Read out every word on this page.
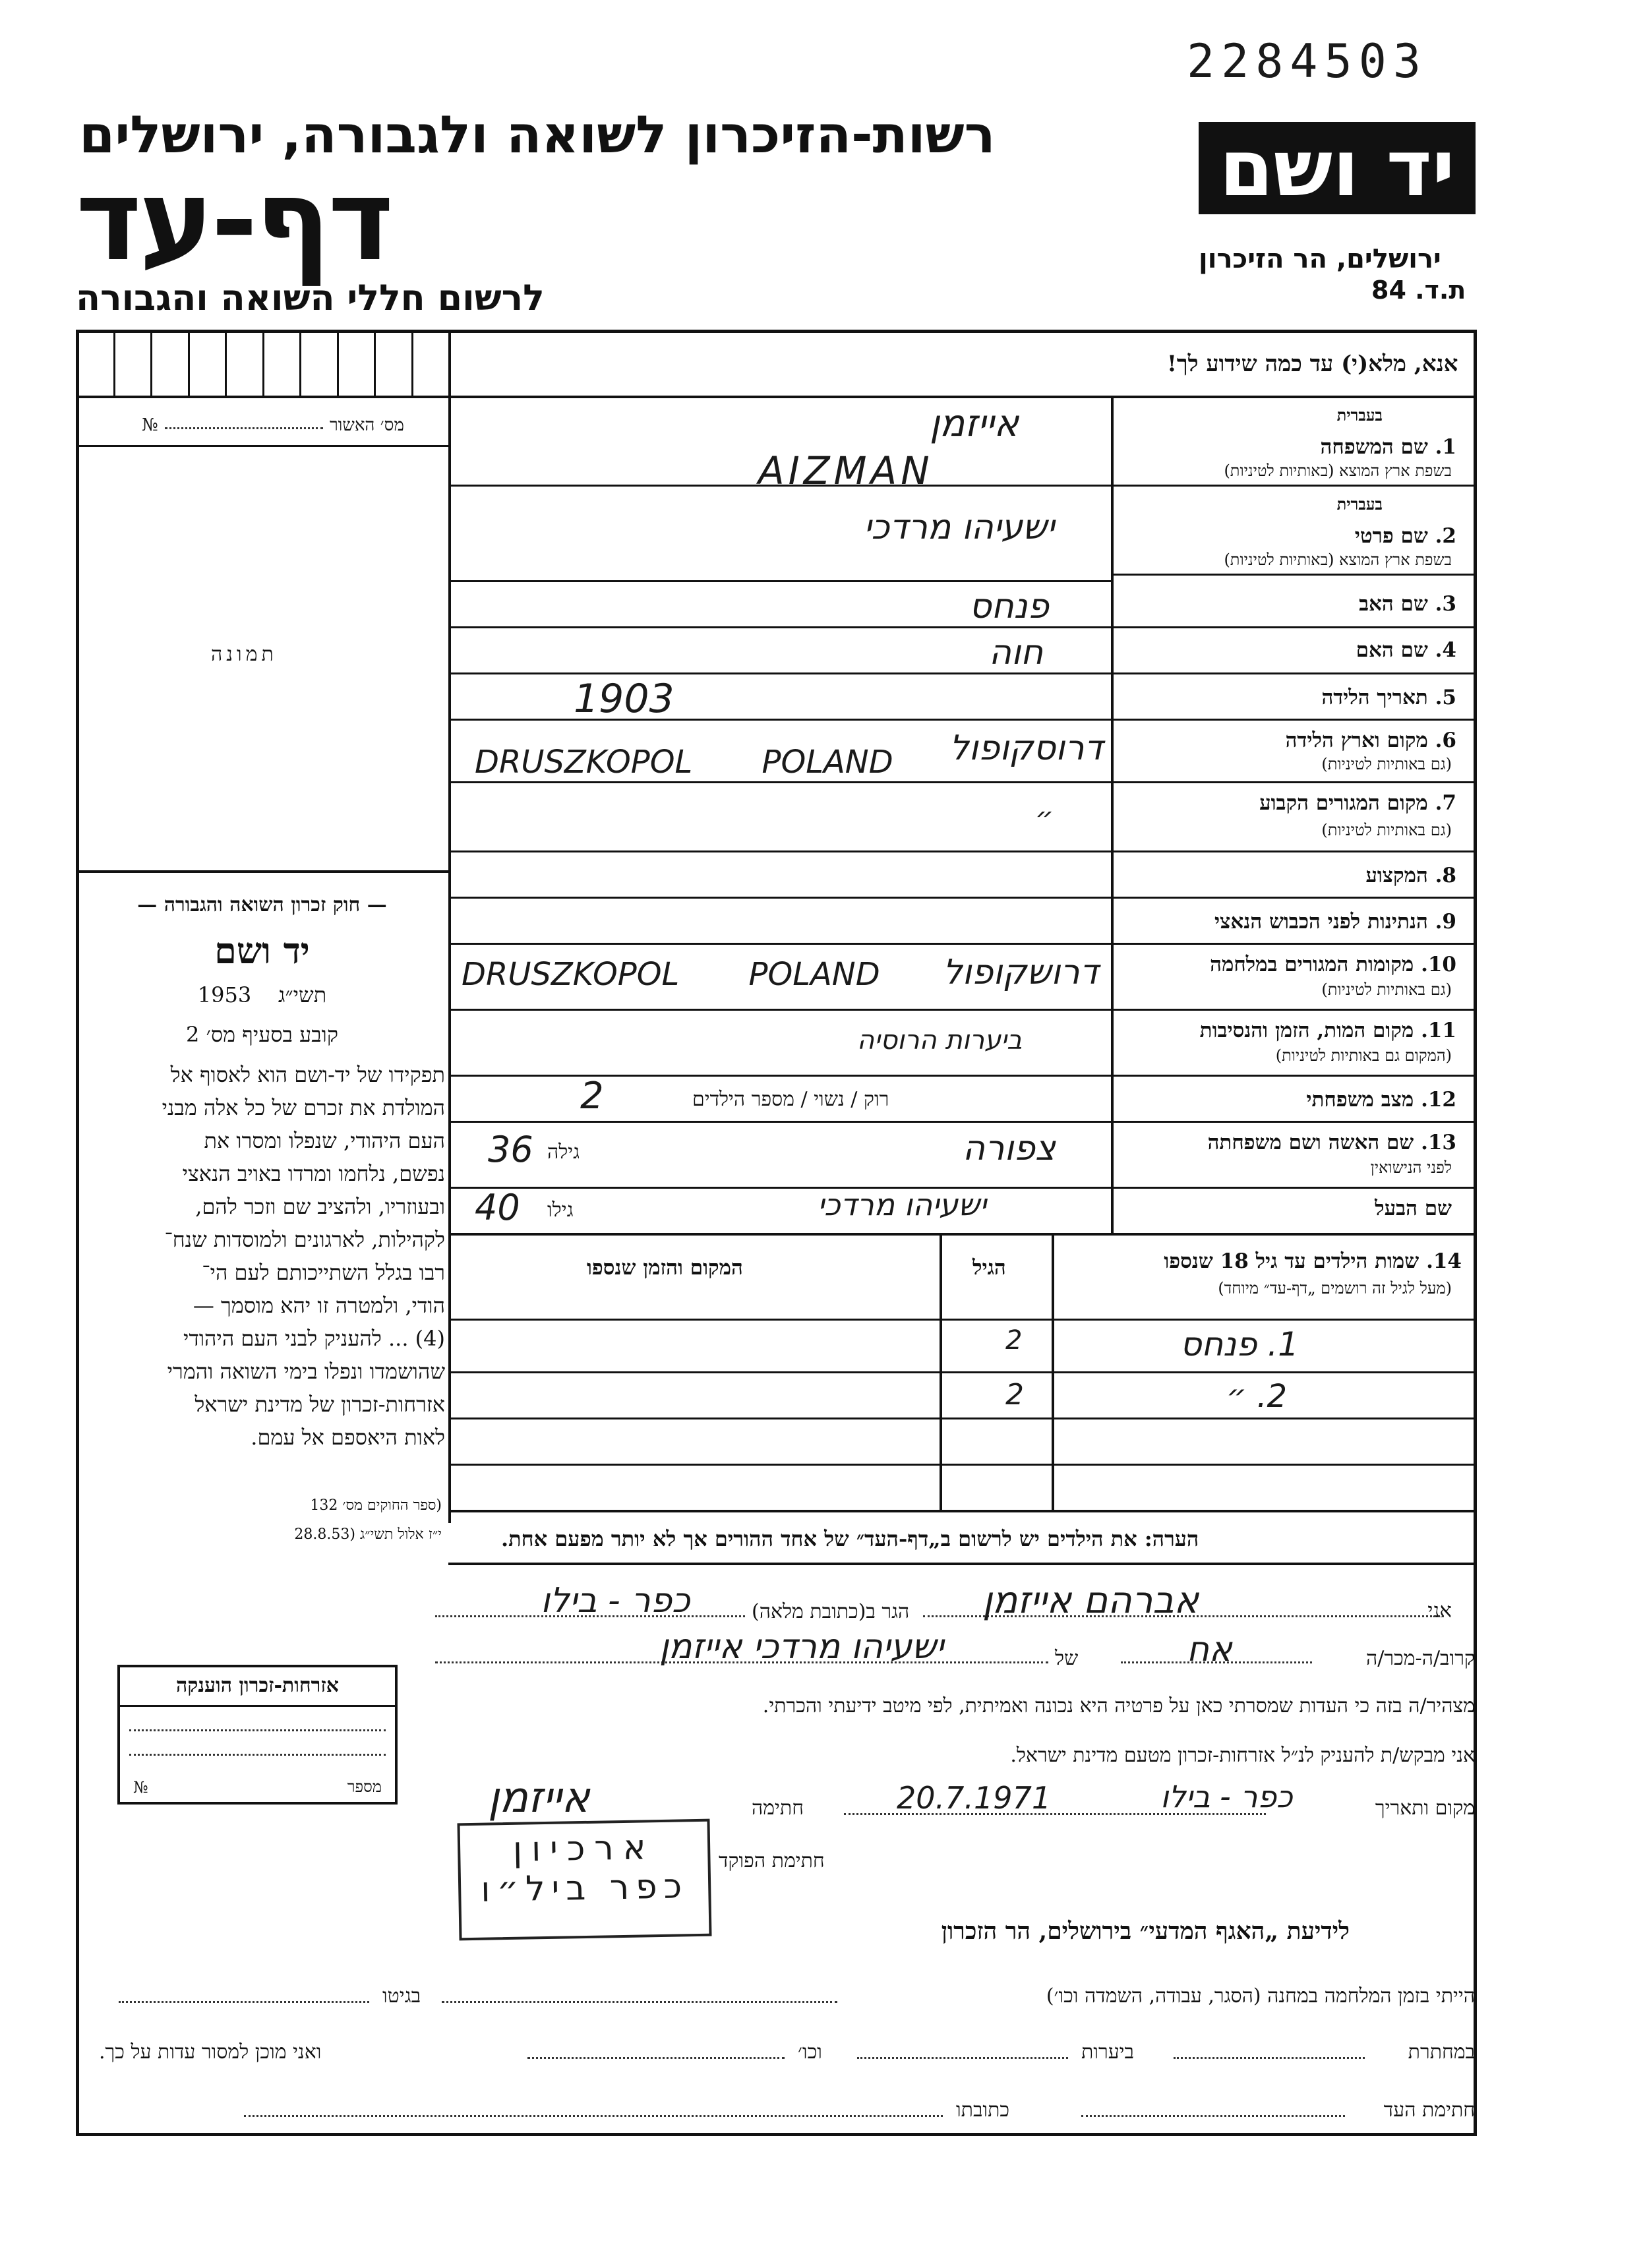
2284503
רשות-הזיכרון לשואה ולגבורה, ירושלים
דף-עד
לרשום חללי השואה והגבורה
יד ושם
ירושלים, הר הזיכרון
ת.ד. 84
אנא, מלא(י) עד כמה שידוע לך!
מס׳ האשור
№
תמונה
— חוק זכרון השואה והגבורה —
יד ושם
תשי״ג    1953
קובע בסעיף מס׳ 2
תפקידו של יד-ושם הוא לאסוף אל
המולדת את זכרם של כל אלה מבני
העם היהודי, שנפלו ומסרו את
נפשם, נלחמו ומרדו באויב הנאצי
ובעוזריו, ולהציב שם וזכר להם,
לקהילות, לארגונים ולמוסדות שנח־
רבו בגלל השתייכותם לעם הי־
הודי, ולמטרה זו יהא מוסמך —
(4) ... להעניק לבני העם היהודי
שהושמדו ונפלו בימי השואה והמרי
אזרחות-זכרון של מדינת ישראל
לאות היאספם אל עמם.
(ספר החוקים מס׳ 132
י״ז אלול תשי״ג (28.8.53
בעברית
1. שם המשפחה
בשפת ארץ המוצא (באותיות לטיניות)
אייזמן
AIZMAN
בעברית
2. שם פרטי
בשפת ארץ המוצא (באותיות לטיניות)
ישעיהו מרדכי
3. שם האב
פנחס
4. שם האם
חוה
5. תאריך הלידה
1903
6. מקום וארץ הלידה
(גם באותיות לטיניות)
דרוסקופול
DRUSZKOPOL POLAND
7. מקום המגורים הקבוע
(גם באותיות לטיניות)
״
8. המקצוע
9. הנתינות לפני הכבוש הנאצי
10. מקומות המגורים במלחמה
(גם באותיות לטיניות)
דרושקופול
DRUSZKOPOL POLAND
11. מקום המות, הזמן והנסיבות
(המקום גם באותיות לטיניות)
ביערות הרוסיה
12. מצב משפחתי
רוק / נשוי / מספר הילדים
2
13. שם האשה ושם משפחתה
לפני הנישואין
צפורה
גילה
36
שם הבעל
ישעיהו מרדכי
גילו
40
14. שמות הילדים עד גיל 18 שנספו
(מעל לגיל זה רושמים „דף-עד״ מיוחד)
הגיל
המקום והזמן שנספו
1. פנחס
2
2. ״
2
הערה: את הילדים יש לרשום ב„דף-העד״ של אחד ההורים אך לא יותר מפעם אחת.
אני
אברהם אייזמן
הגר ב(כתובת מלאה)
כפר - בילו
קרוב/ה-מכר/ה
אח
של
ישעיהו מרדכי אייזמן
מצהיר/ה בזה כי העדות שמסרתי כאן על פרטיה היא נכונה ואמיתית, לפי מיטב ידיעתי והכרתי.
אני מבקש/ת להעניק לנ״ל אזרחות-זכרון מטעם מדינת ישראל.
מקום ותאריך
כפר - בילו
20.7.1971
חתימה
אייזמן
חתימת הפוקד
ארכיון
כפר ביל״ו
אזרחות-זכרון הוענקה
מספר
№
לידיעת „האגף המדעי״ בירושלים, הר הזכרון
הייתי בזמן המלחמה במחנה (הסגר, עבודה, השמדה וכו׳)
בגיטו
במחתרת
ביערות
וכו׳
ואני מוכן למסור עדות על כך.
חתימת העד
כתובתו
